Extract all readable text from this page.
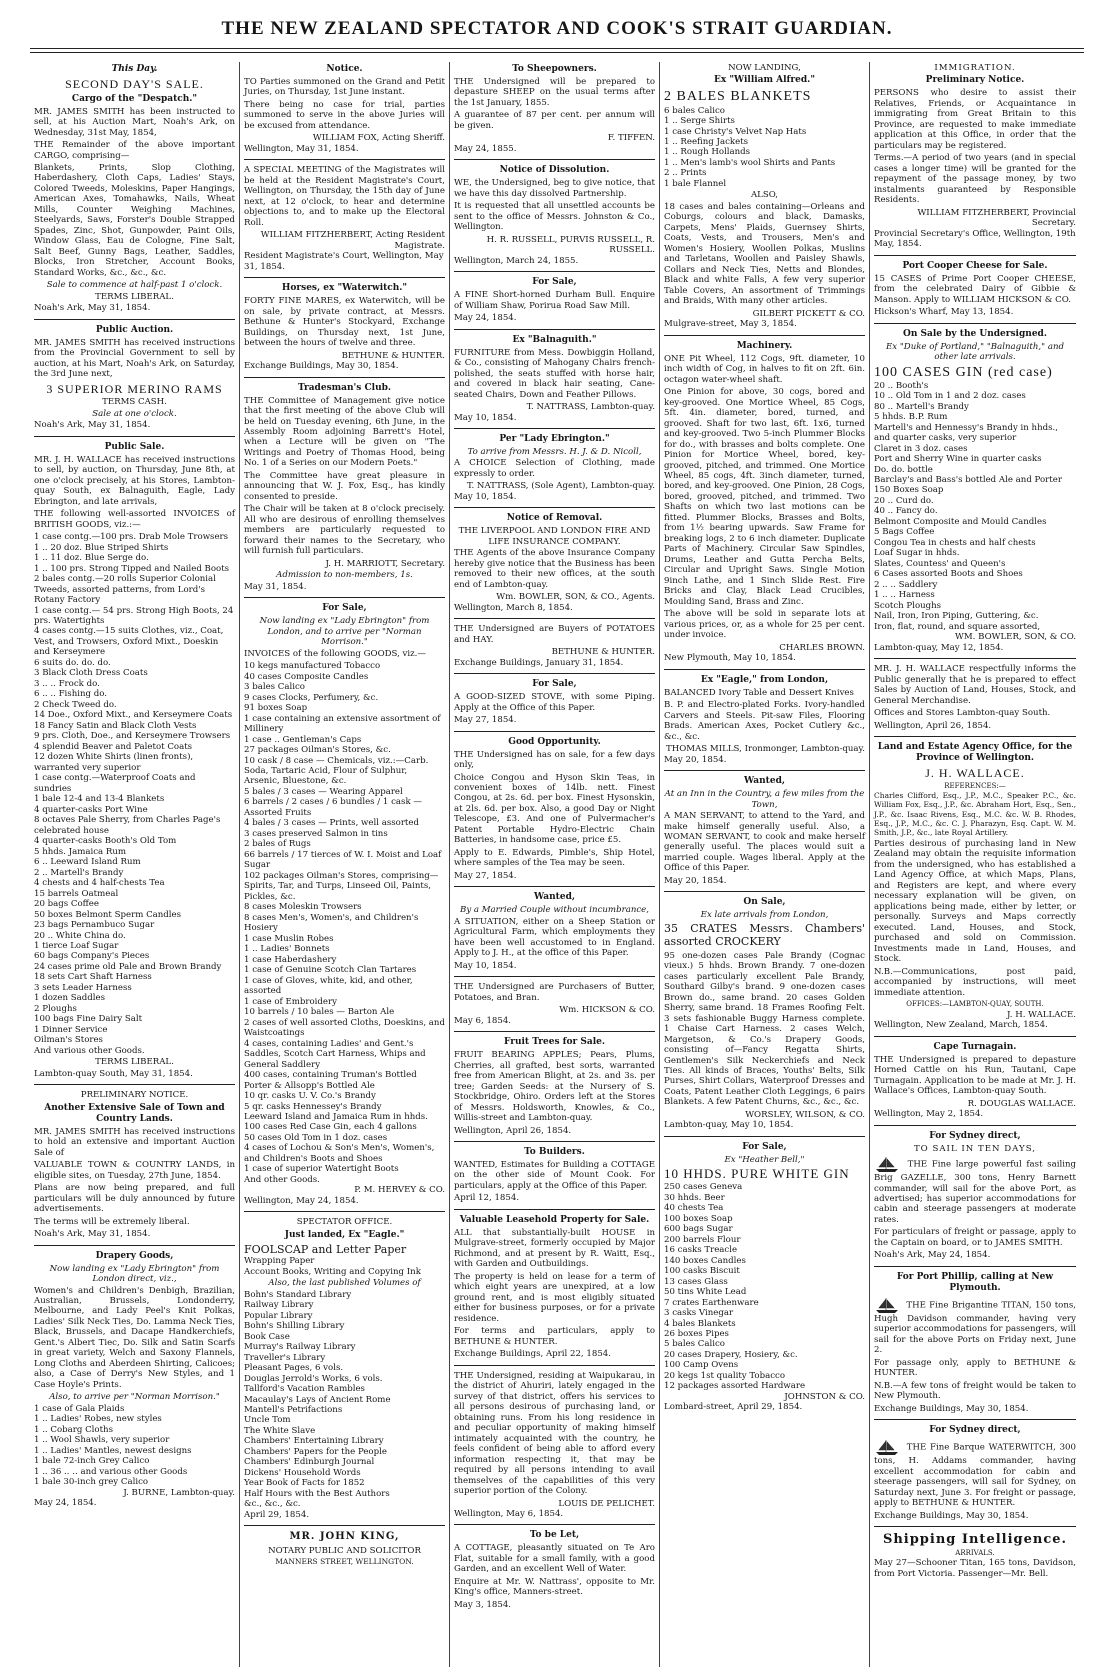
THE NEW ZEALAND SPECTATOR AND COOK'S STRAIT GUARDIAN.
This Day.
SECOND DAY'S SALE.
Cargo of the "Despatch."

MR. JAMES SMITH has been instructed to sell, at his Auction Mart, Noah's Ark, on Wednesday, 31st May, 1854,

THE Remainder of the above important CARGO, comprising—

Blankets, Prints, Slop Clothing, Haberdashery, Cloth Caps, Ladies' Stays, Colored Tweeds, Moleskins, Paper Hangings, American Axes, Tomahawks, Nails, Wheat Mills, Counter Weighing Machines, Steelyards, Saws, Forster's Double Strapped Spades, Zinc, Shot, Gunpowder, Paint Oils, Window Glass, Eau de Cologne, Fine Salt, Salt Beef, Gunny Bags, Leather, Saddles, Blocks, Iron Stretcher, Account Books, Standard Works, &c., &c., &c.

Sale to commence at half-past 1 o'clock.
TERMS LIBERAL.
Noah's Ark, May 31, 1854.
Public Auction.

MR. JAMES SMITH has received instructions from the Provincial Government to sell by auction, at his Mart, Noah's Ark, on Saturday, the 3rd June next,

3 SUPERIOR MERINO RAMS
TERMS CASH.
Sale at one o'clock.
Noah's Ark, May 31, 1854.
Public Sale.

MR. J. H. WALLACE has received instructions to sell, by auction, on Thursday, June 8th, at one o'clock precisely, at his Stores, Lambton-quay South, ex Balnaguith, Eagle, Lady Ebrington, and late arrivals,

THE following well-assorted INVOICES of BRITISH GOODS, viz.:—

1 case contg.—100 prs. Drab Mole Trowsers
1 .. 20 doz. Blue Striped Shirts
1 .. 11 doz. Blue Serge do.
1 .. 100 prs. Strong Tipped and Nailed Boots
2 bales contg.—20 rolls Superior Colonial Tweeds, assorted patterns, from Lord's Rotany Factory
1 case contg.— 54 prs. Strong High Boots, 24 prs. Watertights
4 cases contg.—15 suits Clothes, viz., Coat, Vest, and Trowsers, Oxford Mixt., Doeskin and Kerseymere
6 suits do. do. do.
3 Black Cloth Dress Coats
3 .. .. Frock do.
6 .. .. Fishing do.
2 Check Tweed do.
14 Doe., Oxford Mixt., and Kerseymere Coats
18 Fancy Satin and Black Cloth Vests
9 prs. Cloth, Doe., and Kerseymere Trowsers
4 splendid Beaver and Paletot Coats
12 dozen White Shirts (linen fronts), warranted very superior
1 case contg.—Waterproof Coats and sundries
1 bale 12-4 and 13-4 Blankets
4 quarter-casks Port Wine
8 octaves Pale Sherry, from Charles Page's celebrated house
4 quarter-casks Booth's Old Tom
5 hhds. Jamaica Rum
6 .. Leeward Island Rum
2 .. Martell's Brandy
4 chests and 4 half-chests Tea
15 barrels Oatmeal
20 bags Coffee
50 boxes Belmont Sperm Candles
23 bags Pernambuco Sugar
20 .. White China do.
1 tierce Loaf Sugar
60 bags Company's Pieces
24 cases prime old Pale and Brown Brandy
18 sets Cart Shaft Harness
3 sets Leader Harness
1 dozen Saddles
2 Ploughs
100 bags Fine Dairy Salt
1 Dinner Service
Oilman's Stores
And various other Goods.
TERMS LIBERAL.
Lambton-quay South, May 31, 1854.
PRELIMINARY NOTICE.
Another Extensive Sale of Town and Country Lands.

MR. JAMES SMITH has received instructions to hold an extensive and important Auction Sale of

VALUABLE TOWN & COUNTRY LANDS, in eligible sites, on Tuesday, 27th June, 1854.

Plans are now being prepared, and full particulars will be duly announced by future advertisements.

The terms will be extremely liberal.

Noah's Ark, May 31, 1854.
Drapery Goods,
Now landing ex "Lady Ebrington" from London direct, viz.,

Women's and Children's Denbigh, Brazilian, Australian, Brussels, Londonderry, Melbourne, and Lady Peel's Knit Polkas, Ladies' Silk Neck Ties, Do. Lamma Neck Ties, Black, Brussels, and Dacape Handkerchiefs, Gent.'s Albert Tiec, Do. Silk and Satin Scarfs in great variety, Welch and Saxony Flannels, Long Cloths and Aberdeen Shirting, Calicoes; also, a Case of Derry's New Styles, and 1 Case Hoyle's Prints.

Also, to arrive per "Norman Morrison."
1 case of Gala Plaids
1 .. Ladies' Robes, new styles
1 .. Cobarg Cloths
1 .. Wool Shawls, very superior
1 .. Ladies' Mantles, newest designs
1 bale 72-inch Grey Calico
1 .. 36 .. .. and various other Goods
1 bale 30-inch grey Calico
J. BURNE, Lambton-quay.
May 24, 1854.
Notice.

TO Parties summoned on the Grand and Petit Juries, on Thursday, 1st June instant.

There being no case for trial, parties summoned to serve in the above Juries will be excused from attendance.

WILLIAM FOX, Acting Sheriff.
Wellington, May 31, 1854.

A SPECIAL MEETING of the Magistrates will be held at the Resident Magistrate's Court, Wellington, on Thursday, the 15th day of June next, at 12 o'clock, to hear and determine objections to, and to make up the Electoral Roll.

WILLIAM FITZHERBERT, Acting Resident Magistrate.
Resident Magistrate's Court, Wellington, May 31, 1854.
Horses, ex "Waterwitch."

FORTY FINE MARES, ex Waterwitch, will be on sale, by private contract, at Messrs. Bethune & Hunter's Stockyard, Exchange Buildings, on Thursday next, 1st June, between the hours of twelve and three.

BETHUNE & HUNTER.
Exchange Buildings, May 30, 1854.
Tradesman's Club.

THE Committee of Management give notice that the first meeting of the above Club will be held on Tuesday evening, 6th June, in the Assembly Room adjoining Barrett's Hotel, when a Lecture will be given on "The Writings and Poetry of Thomas Hood, being No. 1 of a Series on our Modern Poets."

The Committee have great pleasure in announcing that W. J. Fox, Esq., has kindly consented to preside.

The Chair will be taken at 8 o'clock precisely. All who are desirous of enrolling themselves members are particularly requested to forward their names to the Secretary, who will furnish full particulars.

J. H. MARRIOTT, Secretary.
Admission to non-members, 1s.
May 31, 1854.
For Sale,
Now landing ex "Lady Ebrington" from London, and to arrive per "Norman Morrison."

INVOICES of the following GOODS, viz.—

10 kegs manufactured Tobacco
40 cases Composite Candles
3 bales Calico
9 cases Clocks, Perfumery, &c.
91 boxes Soap
1 case containing an extensive assortment of Millinery
1 case .. Gentleman's Caps
27 packages Oilman's Stores, &c.
10 cask / 8 case — Chemicals, viz.:—Carb. Soda, Tartaric Acid, Flour of Sulphur, Arsenic, Bluestone, &c.
5 bales / 3 cases — Wearing Apparel
6 barrels / 2 cases / 6 bundles / 1 cask — Assorted Fruits
4 bales / 3 cases — Prints, well assorted
3 cases preserved Salmon in tins
2 bales of Rugs
66 barrels / 17 tierces of W. I. Moist and Loaf Sugar
102 packages Oilman's Stores, comprising—Spirits, Tar, and Turps, Linseed Oil, Paints, Pickles, &c.
8 cases Moleskin Trowsers
8 cases Men's, Women's, and Children's Hosiery
1 case Muslin Robes
1 .. Ladies' Bonnets
1 case Haberdashery
1 case of Genuine Scotch Clan Tartares
1 case of Gloves, white, kid, and other, assorted
1 case of Embroidery
10 barrels / 10 bales — Barton Ale
2 cases of well assorted Cloths, Doeskins, and Waistcoatings
4 cases, containing Ladies' and Gent.'s Saddles, Scotch Cart Harness, Whips and General Saddlery
400 cases, containing Truman's Bottled Porter & Allsopp's Bottled Ale
10 qr. casks U. V. Co.'s Brandy
5 qr. casks Hennessey's Brandy
Leeward Island and Jamaica Rum in hhds.
100 cases Red Case Gin, each 4 gallons
50 cases Old Tom in 1 doz. cases
4 cases of Lochou & Son's Men's, Women's, and Children's Boots and Shoes
1 case of superior Watertight Boots
And other Goods.
P. M. HERVEY & CO.
Wellington, May 24, 1854.
SPECTATOR OFFICE.
Just landed, Ex "Eagle."
FOOLSCAP and Letter Paper
Wrapping Paper
Account Books, Writing and Copying Ink
Also, the last published Volumes of
Bohn's Standard Library
Railway Library
Popular Library
Bohn's Shilling Library
Book Case
Murray's Railway Library
Traveller's Library
Pleasant Pages, 6 vols.
Douglas Jerrold's Works, 6 vols.
Tallford's Vacation Rambles
Macaulay's Lays of Ancient Rome
Mantell's Petrifactions
Uncle Tom
The White Slave
Chambers' Entertaining Library
Chambers' Papers for the People
Chambers' Edinburgh Journal
Dickens' Household Words
Year Book of Facts for 1852
Half Hours with the Best Authors
&c., &c., &c.
April 29, 1854.
MR. JOHN KING,
NOTARY PUBLIC AND SOLICITOR
MANNERS STREET, WELLINGTON.
To Sheepowners.

THE Undersigned will be prepared to depasture SHEEP on the usual terms after the 1st January, 1855.

A guarantee of 87 per cent. per annum will be given.

F. TIFFEN.
May 24, 1855.
Notice of Dissolution.

WE, the Undersigned, beg to give notice, that we have this day dissolved Partnership.

It is requested that all unsettled accounts be sent to the office of Messrs. Johnston & Co., Wellington.

H. R. RUSSELL, PURVIS RUSSELL, R. RUSSELL.
Wellington, March 24, 1855.
For Sale,

A FINE Short-horned Durham Bull. Enquire of William Shaw, Porirua Road Saw Mill.

May 24, 1854.
Ex "Balnaguith."

FURNITURE from Mess. Dowbiggin Holland, & Co., consisting of Mahogany Chairs french-polished, the seats stuffed with horse hair, and covered in black hair seating, Cane-seated Chairs, Down and Feather Pillows.

T. NATTRASS, Lambton-quay.
May 10, 1854.
Per "Lady Ebrington."
To arrive from Messrs. H. J. & D. Nicoll,

A CHOICE Selection of Clothing, made expressly to order.

T. NATTRASS, (Sole Agent), Lambton-quay.
May 10, 1854.
Notice of Removal.
THE LIVERPOOL AND LONDON FIRE AND LIFE INSURANCE COMPANY.

THE Agents of the above Insurance Company hereby give notice that the Business has been removed to their new offices, at the south end of Lambton-quay.

Wm. BOWLER, SON, & CO., Agents.
Wellington, March 8, 1854.

THE Undersigned are Buyers of POTATOES and HAY.

BETHUNE & HUNTER.
Exchange Buildings, January 31, 1854.
For Sale,

A GOOD-SIZED STOVE, with some Piping. Apply at the Office of this Paper.

May 27, 1854.
Good Opportunity.

THE Undersigned has on sale, for a few days only,

Choice Congou and Hyson Skin Teas, in convenient boxes of 14lb. nett. Finest Congou, at 2s. 6d. per box. Finest Hysonskin, at 2ls. 6d. per box. Also, a good Day or Night Telescope, £3. And one of Pulvermacher's Patent Portable Hydro-Electric Chain Batteries, in handsome case, price £5.

Apply to E. Edwards, Pimble's, Ship Hotel, where samples of the Tea may be seen.

May 27, 1854.
Wanted,
By a Married Couple without incumbrance,

A SITUATION, either on a Sheep Station or Agricultural Farm, which employments they have been well accustomed to in England. Apply to J. H., at the office of this Paper.

May 10, 1854.

THE Undersigned are Purchasers of Butter, Potatoes, and Bran.

Wm. HICKSON & CO.
May 6, 1854.
Fruit Trees for Sale.

FRUIT BEARING APPLES; Pears, Plums, Cherries, all grafted, best sorts, warranted free from American Blight, at 2s. and 3s. per tree; Garden Seeds: at the Nursery of S. Stockbridge, Ohiro. Orders left at the Stores of Messrs. Holdsworth, Knowles, & Co., Willis-street and Lambton-quay.

Wellington, April 26, 1854.
To Builders.

WANTED, Estimates for Building a COTTAGE on the other side of Mount Cook. For particulars, apply at the Office of this Paper.

April 12, 1854.
Valuable Leasehold Property for Sale.

ALL that substantially-built HOUSE in Mulgrave-street, formerly occupied by Major Richmond, and at present by R. Waitt, Esq., with Garden and Outbuildings.

The property is held on lease for a term of which eight years are unexpired, at a low ground rent, and is most eligibly situated either for business purposes, or for a private residence.

For terms and particulars, apply to BETHUNE & HUNTER.

Exchange Buildings, April 22, 1854.

THE Undersigned, residing at Waipukarau, in the district of Ahuriri, lately engaged in the survey of that district, offers his services to all persons desirous of purchasing land, or obtaining runs. From his long residence in and peculiar opportunity of making himself intimately acquainted with the country, he feels confident of being able to afford every information respecting it, that may be required by all persons intending to avail themselves of the capabilities of this very superior portion of the Colony.

LOUIS DE PELICHET.
Wellington, May 6, 1854.
To be Let,

A COTTAGE, pleasantly situated on Te Aro Flat, suitable for a small family, with a good Garden, and an excellent Well of Water.

Enquire at Mr. W. Nattrass', opposite to Mr. King's office, Manners-street.

May 3, 1854.
NOW LANDING,
Ex "William Alfred."
2 BALES BLANKETS
6 bales Calico
1 .. Serge Shirts
1 case Christy's Velvet Nap Hats
1 .. Reefing Jackets
1 .. Rough Hollands
1 .. Men's lamb's wool Shirts and Pants
2 .. Prints
1 bale Flannel
ALSO,

18 cases and bales containing—Orleans and Coburgs, colours and black, Damasks, Carpets, Mens' Plaids, Guernsey Shirts, Coats, Vests, and Trousers, Men's and Women's Hosiery, Woollen Polkas, Muslins and Tarletans, Woollen and Paisley Shawls, Collars and Neck Ties, Netts and Blondes, Black and white Falls, A few very superior Table Covers, An assortment of Trimmings and Braids, With many other articles.

GILBERT PICKETT & CO.
Mulgrave-street, May 3, 1854.
Machinery.

ONE Pit Wheel, 112 Cogs, 9ft. diameter, 10 inch width of Cog, in halves to fit on 2ft. 6in. octagon water-wheel shaft.

One Pinion for above, 30 cogs, bored and key-grooved. One Mortice Wheel, 85 Cogs, 5ft. 4in. diameter, bored, turned, and grooved. Shaft for two last, 6ft. 1x6, turned and key-grooved. Two 5-inch Plummer Blocks for do., with brasses and bolts complete. One Pinion for Mortice Wheel, bored, key-grooved, pitched, and trimmed. One Mortice Wheel, 85 cogs, 4ft. 3inch diameter, turned, bored, and key-grooved. One Pinion, 28 Cogs, bored, grooved, pitched, and trimmed. Two Shafts on which two last motions can be fitted. Plummer Blocks, Brasses and Bolts, from 1½ bearing upwards. Saw Frame for breaking logs, 2 to 6 inch diameter. Duplicate Parts of Machinery. Circular Saw Spindles, Drums, Leather and Gutta Percha Belts, Circular and Upright Saws. Single Motion 9inch Lathe, and 1 Sinch Slide Rest. Fire Bricks and Clay, Black Lead Crucibles, Moulding Sand, Brass and Zinc.

The above will be sold in separate lots at various prices, or, as a whole for 25 per cent. under invoice.

CHARLES BROWN.
New Plymouth, May 10, 1854.
Ex "Eagle," from London,

BALANCED Ivory Table and Dessert Knives

B. P. and Electro-plated Forks. Ivory-handled Carvers and Steels. Pit-saw Files, Flooring Brads. American Axes, Pocket Cutlery &c., &c., &c.

THOMAS MILLS, Ironmonger, Lambton-quay.
May 20, 1854.
Wanted,
At an Inn in the Country, a few miles from the Town,

A MAN SERVANT, to attend to the Yard, and make himself generally useful. Also, a WOMAN SERVANT, to cook and make herself generally useful. The places would suit a married couple. Wages liberal. Apply at the Office of this Paper.

May 20, 1854.
On Sale,
Ex late arrivals from London,

35 CRATES Messrs. Chambers' assorted CROCKERY

95 one-dozen cases Pale Brandy (Cognac vieux.) 5 hhds. Brown Brandy. 7 one-dozen cases particularly excellent Pale Brandy, Southard Gilby's brand. 9 one-dozen cases Brown do., same brand. 20 cases Golden Sherry, same brand. 18 Frames Roofing Felt. 3 sets fashionable Buggy Harness complete. 1 Chaise Cart Harness. 2 cases Welch, Margetson, & Co.'s Drapery Goods, consisting of—Fancy Regatta Shirts, Gentlemen's Silk Neckerchiefs and Neck Ties. All kinds of Braces, Youths' Belts, Silk Purses, Shirt Collars, Waterproof Dresses and Coats, Patent Leather Cloth Leggings, 6 pairs Blankets. A few Patent Churns, &c., &c., &c.

WORSLEY, WILSON, & CO.
Lambton-quay, May 10, 1854.
For Sale,
Ex "Heather Bell,"
10 HHDS. PURE WHITE GIN
250 cases Geneva
30 hhds. Beer
40 chests Tea
100 boxes Soap
600 bags Sugar
200 barrels Flour
16 casks Treacle
140 boxes Candles
100 casks Biscuit
13 cases Glass
50 tins White Lead
7 crates Earthenware
3 casks Vinegar
4 bales Blankets
26 boxes Pipes
5 bales Calico
20 cases Drapery, Hosiery, &c.
100 Camp Ovens
20 kegs 1st quality Tobacco
12 packages assorted Hardware
JOHNSTON & CO.
Lombard-street, April 29, 1854.
IMMIGRATION.
Preliminary Notice.

PERSONS who desire to assist their Relatives, Friends, or Acquaintance in immigrating from Great Britain to this Province, are requested to make immediate application at this Office, in order that the particulars may be registered.

Terms.—A period of two years (and in special cases a longer time) will be granted for the repayment of the passage money, by two instalments guaranteed by Responsible Residents.

WILLIAM FITZHERBERT, Provincial Secretary.
Provincial Secretary's Office, Wellington, 19th May, 1854.
Port Cooper Cheese for Sale.

15 CASES of Prime Port Cooper CHEESE, from the celebrated Dairy of Gibbie & Manson. Apply to WILLIAM HICKSON & CO.

Hickson's Wharf, May 13, 1854.
On Sale by the Undersigned.
Ex "Duke of Portland," "Balnaguith," and other late arrivals.
100 CASES GIN (red case)
20 .. Booth's
10 .. Old Tom in 1 and 2 doz. cases
80 .. Martell's Brandy
5 hhds. B.P. Rum
Martell's and Hennessy's Brandy in hhds., and quarter casks, very superior
Claret in 3 doz. cases
Port and Sherry Wine in quarter casks
Do. do. bottle
Barclay's and Bass's bottled Ale and Porter
150 Boxes Soap
20 .. Curd do.
40 .. Fancy do.
Belmont Composite and Mould Candles
5 Bags Coffee
Congou Tea in chests and half chests
Loaf Sugar in hhds.
Slates, Countess' and Queen's
6 Cases assorted Boots and Shoes
2 .. .. Saddlery
1 .. .. Harness
Scotch Ploughs
Nail, Iron, Iron Piping, Guttering, &c.
Iron, flat, round, and square assorted,
WM. BOWLER, SON, & CO.
Lambton-quay, May 12, 1854.

MR. J. H. WALLACE respectfully informs the Public generally that he is prepared to effect Sales by Auction of Land, Houses, Stock, and General Merchandise.

Offices and Stores Lambton-quay South.

Wellington, April 26, 1854.
Land and Estate Agency Office, for the Province of Wellington.
J. H. WALLACE.
REFERENCES:—

Charles Clifford, Esq., J.P., M.C., Speaker P.C., &c. William Fox, Esq., J.P., &c. Abraham Hort, Esq., Sen., J.P., &c. Isaac Rivens, Esq., M.C. &c. W. B. Rhodes, Esq., J.P., M.C., &c. C. J. Pharazyn, Esq. Capt. W. M. Smith, J.P., &c., late Royal Artillery.

Parties desirous of purchasing land in New Zealand may obtain the requisite information from the undersigned, who has established a Land Agency Office, at which Maps, Plans, and Registers are kept, and where every necessary explanation will be given, on applications being made, either by letter, or personally. Surveys and Maps correctly executed. Land, Houses, and Stock, purchased and sold on Commission. Investments made in Land, Houses, and Stock.

N.B.—Communications, post paid, accompanied by instructions, will meet immediate attention.

OFFICES:—LAMBTON-QUAY, SOUTH.
J. H. WALLACE.
Wellington, New Zealand, March, 1854.
Cape Turnagain.

THE Undersigned is prepared to depasture Horned Cattle on his Run, Tautani, Cape Turnagain. Application to be made at Mr. J. H. Wallace's Offices, Lambton-quay South.

R. DOUGLAS WALLACE.
Wellington, May 2, 1854.
For Sydney direct,
TO SAIL IN TEN DAYS,

THE Fine large powerful fast sailing Brig GAZELLE, 300 tons, Henry Barnett commander, will sail for the above Port, as advertised; has superior accommodations for cabin and steerage passengers at moderate rates.

For particulars of freight or passage, apply to the Captain on board, or to JAMES SMITH.

Noah's Ark, May 24, 1854.
For Port Phillip, calling at New Plymouth.

THE Fine Brigantine TITAN, 150 tons, Hugh Davidson commander, having very superior accommodations for passengers, will sail for the above Ports on Friday next, June 2.

For passage only, apply to BETHUNE & HUNTER.

N.B.—A few tons of freight would be taken to New Plymouth.

Exchange Buildings, May 30, 1854.
For Sydney direct,

THE Fine Barque WATERWITCH, 300 tons, H. Addams commander, having excellent accommodation for cabin and steerage passengers, will sail for Sydney, on Saturday next, June 3. For freight or passage, apply to BETHUNE & HUNTER.

Exchange Buildings, May 30, 1854.
Shipping Intelligence.
ARRIVALS.

May 27—Schooner Titan, 165 tons, Davidson, from Port Victoria. Passenger—Mr. Bell.
